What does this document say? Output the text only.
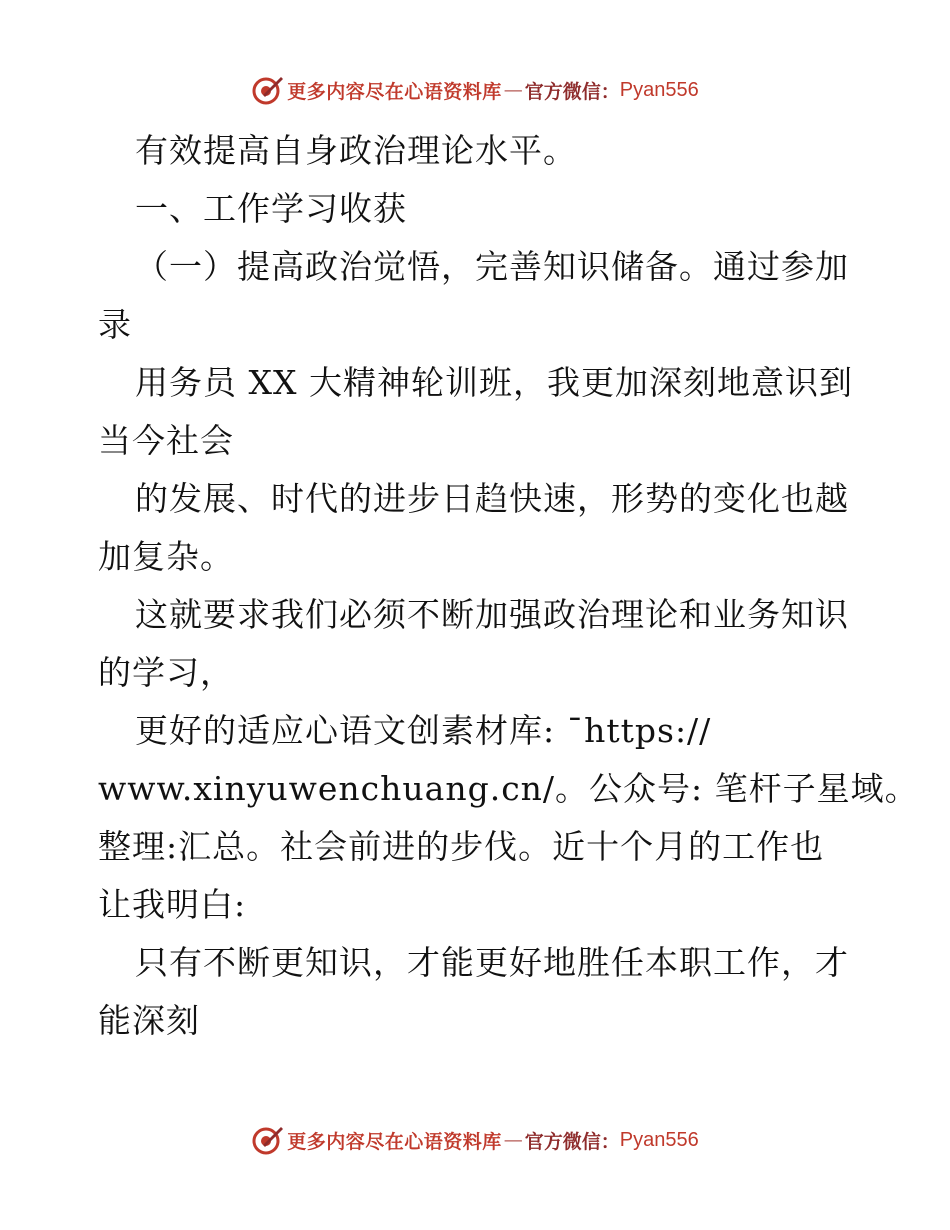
更多内容尽在心语资料库 — 官方微信： Pyan556
有效提高自身政治理论水平。
一、工作学习收获
（一）提高政治觉悟，完善知识储备。通过参加
录
用务员 XX 大精神轮训班，我更加深刻地意识到
当今社会
的发展、时代的进步日趋快速，形势的变化也越
加复杂。
这就要求我们必须不断加强政治理论和业务知识
的学习，
更好的适应心语文创素材库: ¯https://
www.xinyuwenchuang.cn/。公众号: 笔杆子星域。
整理:汇总。社会前进的步伐。近十个月的工作也
让我明白:
只有不断更知识，才能更好地胜任本职工作，才
能深刻
更多内容尽在心语资料库 — 官方微信： Pyan556
